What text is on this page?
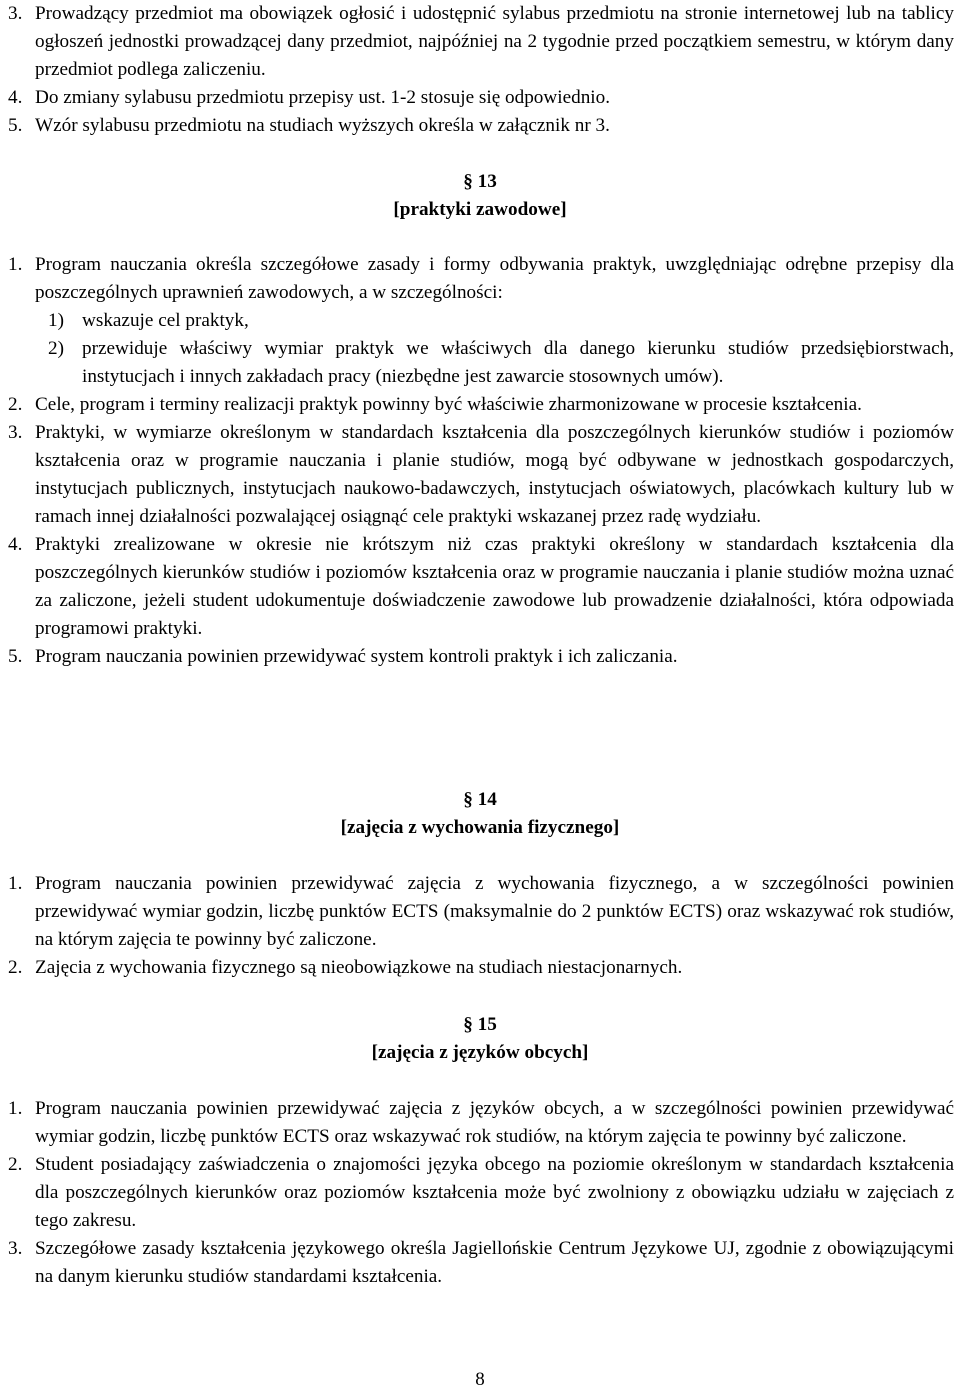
3. Prowadzący przedmiot ma obowiązek ogłosić i udostępnić sylabus przedmiotu na stronie internetowej lub na tablicy ogłoszeń jednostki prowadzącej dany przedmiot, najpóźniej na 2 tygodnie przed początkiem semestru, w którym dany przedmiot podlega zaliczeniu.
4. Do zmiany sylabusu przedmiotu przepisy ust. 1-2 stosuje się odpowiednio.
5. Wzór sylabusu przedmiotu na studiach wyższych określa w załącznik nr 3.
§ 13
[praktyki zawodowe]
1. Program nauczania określa szczegółowe zasady i formy odbywania praktyk, uwzględniając odrębne przepisy dla poszczególnych uprawnień zawodowych, a w szczególności:
1) wskazuje cel praktyk,
2) przewiduje właściwy wymiar praktyk we właściwych dla danego kierunku studiów przedsiębiorstwach, instytucjach i innych zakładach pracy (niezbędne jest zawarcie stosownych umów).
2. Cele, program i terminy realizacji praktyk powinny być właściwie zharmonizowane w procesie kształcenia.
3. Praktyki, w wymiarze określonym w standardach kształcenia dla poszczególnych kierunków studiów i poziomów kształcenia oraz w programie nauczania i planie studiów, mogą być odbywane w jednostkach gospodarczych, instytucjach publicznych, instytucjach naukowo-badawczych, instytucjach oświatowych, placówkach kultury lub w ramach innej działalności pozwalającej osiągnąć cele praktyki wskazanej przez radę wydziału.
4. Praktyki zrealizowane w okresie nie krótszym niż czas praktyki określony w standardach kształcenia dla poszczególnych kierunków studiów i poziomów kształcenia oraz w programie nauczania i planie studiów można uznać za zaliczone, jeżeli student udokumentuje doświadczenie zawodowe lub prowadzenie działalności, która odpowiada programowi praktyki.
5. Program nauczania powinien przewidywać system kontroli praktyk i ich zaliczania.
§ 14
[zajęcia z wychowania fizycznego]
1. Program nauczania powinien przewidywać zajęcia z wychowania fizycznego, a w szczególności powinien przewidywać wymiar godzin, liczbę punktów ECTS (maksymalnie do 2 punktów ECTS) oraz wskazywać rok studiów, na którym zajęcia te powinny być zaliczone.
2. Zajęcia z wychowania fizycznego są nieobowiązkowe na studiach niestacjonarnych.
§ 15
[zajęcia z języków obcych]
1. Program nauczania powinien przewidywać zajęcia z języków obcych, a w szczególności powinien przewidywać wymiar godzin, liczbę punktów ECTS oraz wskazywać rok studiów, na którym zajęcia te powinny być zaliczone.
2. Student posiadający zaświadczenia o znajomości języka obcego na poziomie określonym w standardach kształcenia dla poszczególnych kierunków oraz poziomów kształcenia może być zwolniony z obowiązku udziału w zajęciach z tego zakresu.
3. Szczegółowe zasady kształcenia językowego określa Jagiellońskie Centrum Językowe UJ, zgodnie z obowiązującymi na danym kierunku studiów standardami kształcenia.
8
